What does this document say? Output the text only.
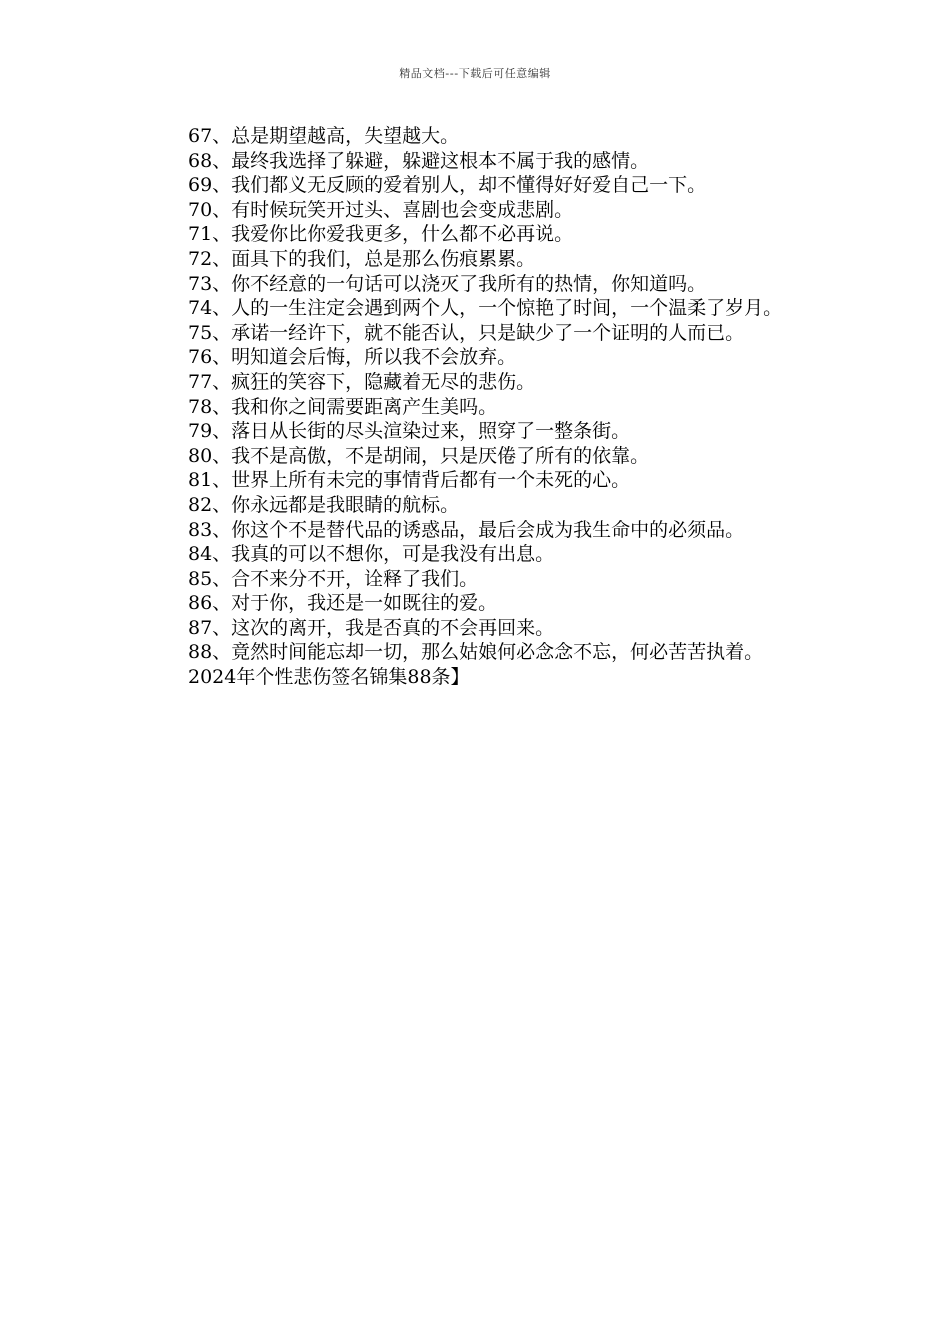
精品文档---下载后可任意编辑

67、总是期望越高，失望越大。

68、最终我选择了躲避，躲避这根本不属于我的感情。

69、我们都义无反顾的爱着别人，却不懂得好好爱自己一下。

70、有时候玩笑开过头、喜剧也会变成悲剧。

71、我爱你比你爱我更多，什么都不必再说。

72、面具下的我们，总是那么伤痕累累。

73、你不经意的一句话可以浇灭了我所有的热情，你知道吗。

74、人的一生注定会遇到两个人，一个惊艳了时间，一个温柔了岁月。

75、承诺一经许下，就不能否认，只是缺少了一个证明的人而已。

76、明知道会后悔，所以我不会放弃。

77、疯狂的笑容下，隐藏着无尽的悲伤。

78、我和你之间需要距离产生美吗。

79、落日从长街的尽头渲染过来，照穿了一整条街。

80、我不是高傲，不是胡闹，只是厌倦了所有的依靠。

81、世界上所有未完的事情背后都有一个未死的心。

82、你永远都是我眼睛的航标。

83、你这个不是替代品的诱惑品，最后会成为我生命中的必须品。

84、我真的可以不想你，可是我没有出息。

85、合不来分不开，诠释了我们。

86、对于你，我还是一如既往的爱。

87、这次的离开，我是否真的不会再回来。

88、竟然时间能忘却一切，那么姑娘何必念念不忘，何必苦苦执着。

2024年个性悲伤签名锦集88条】
